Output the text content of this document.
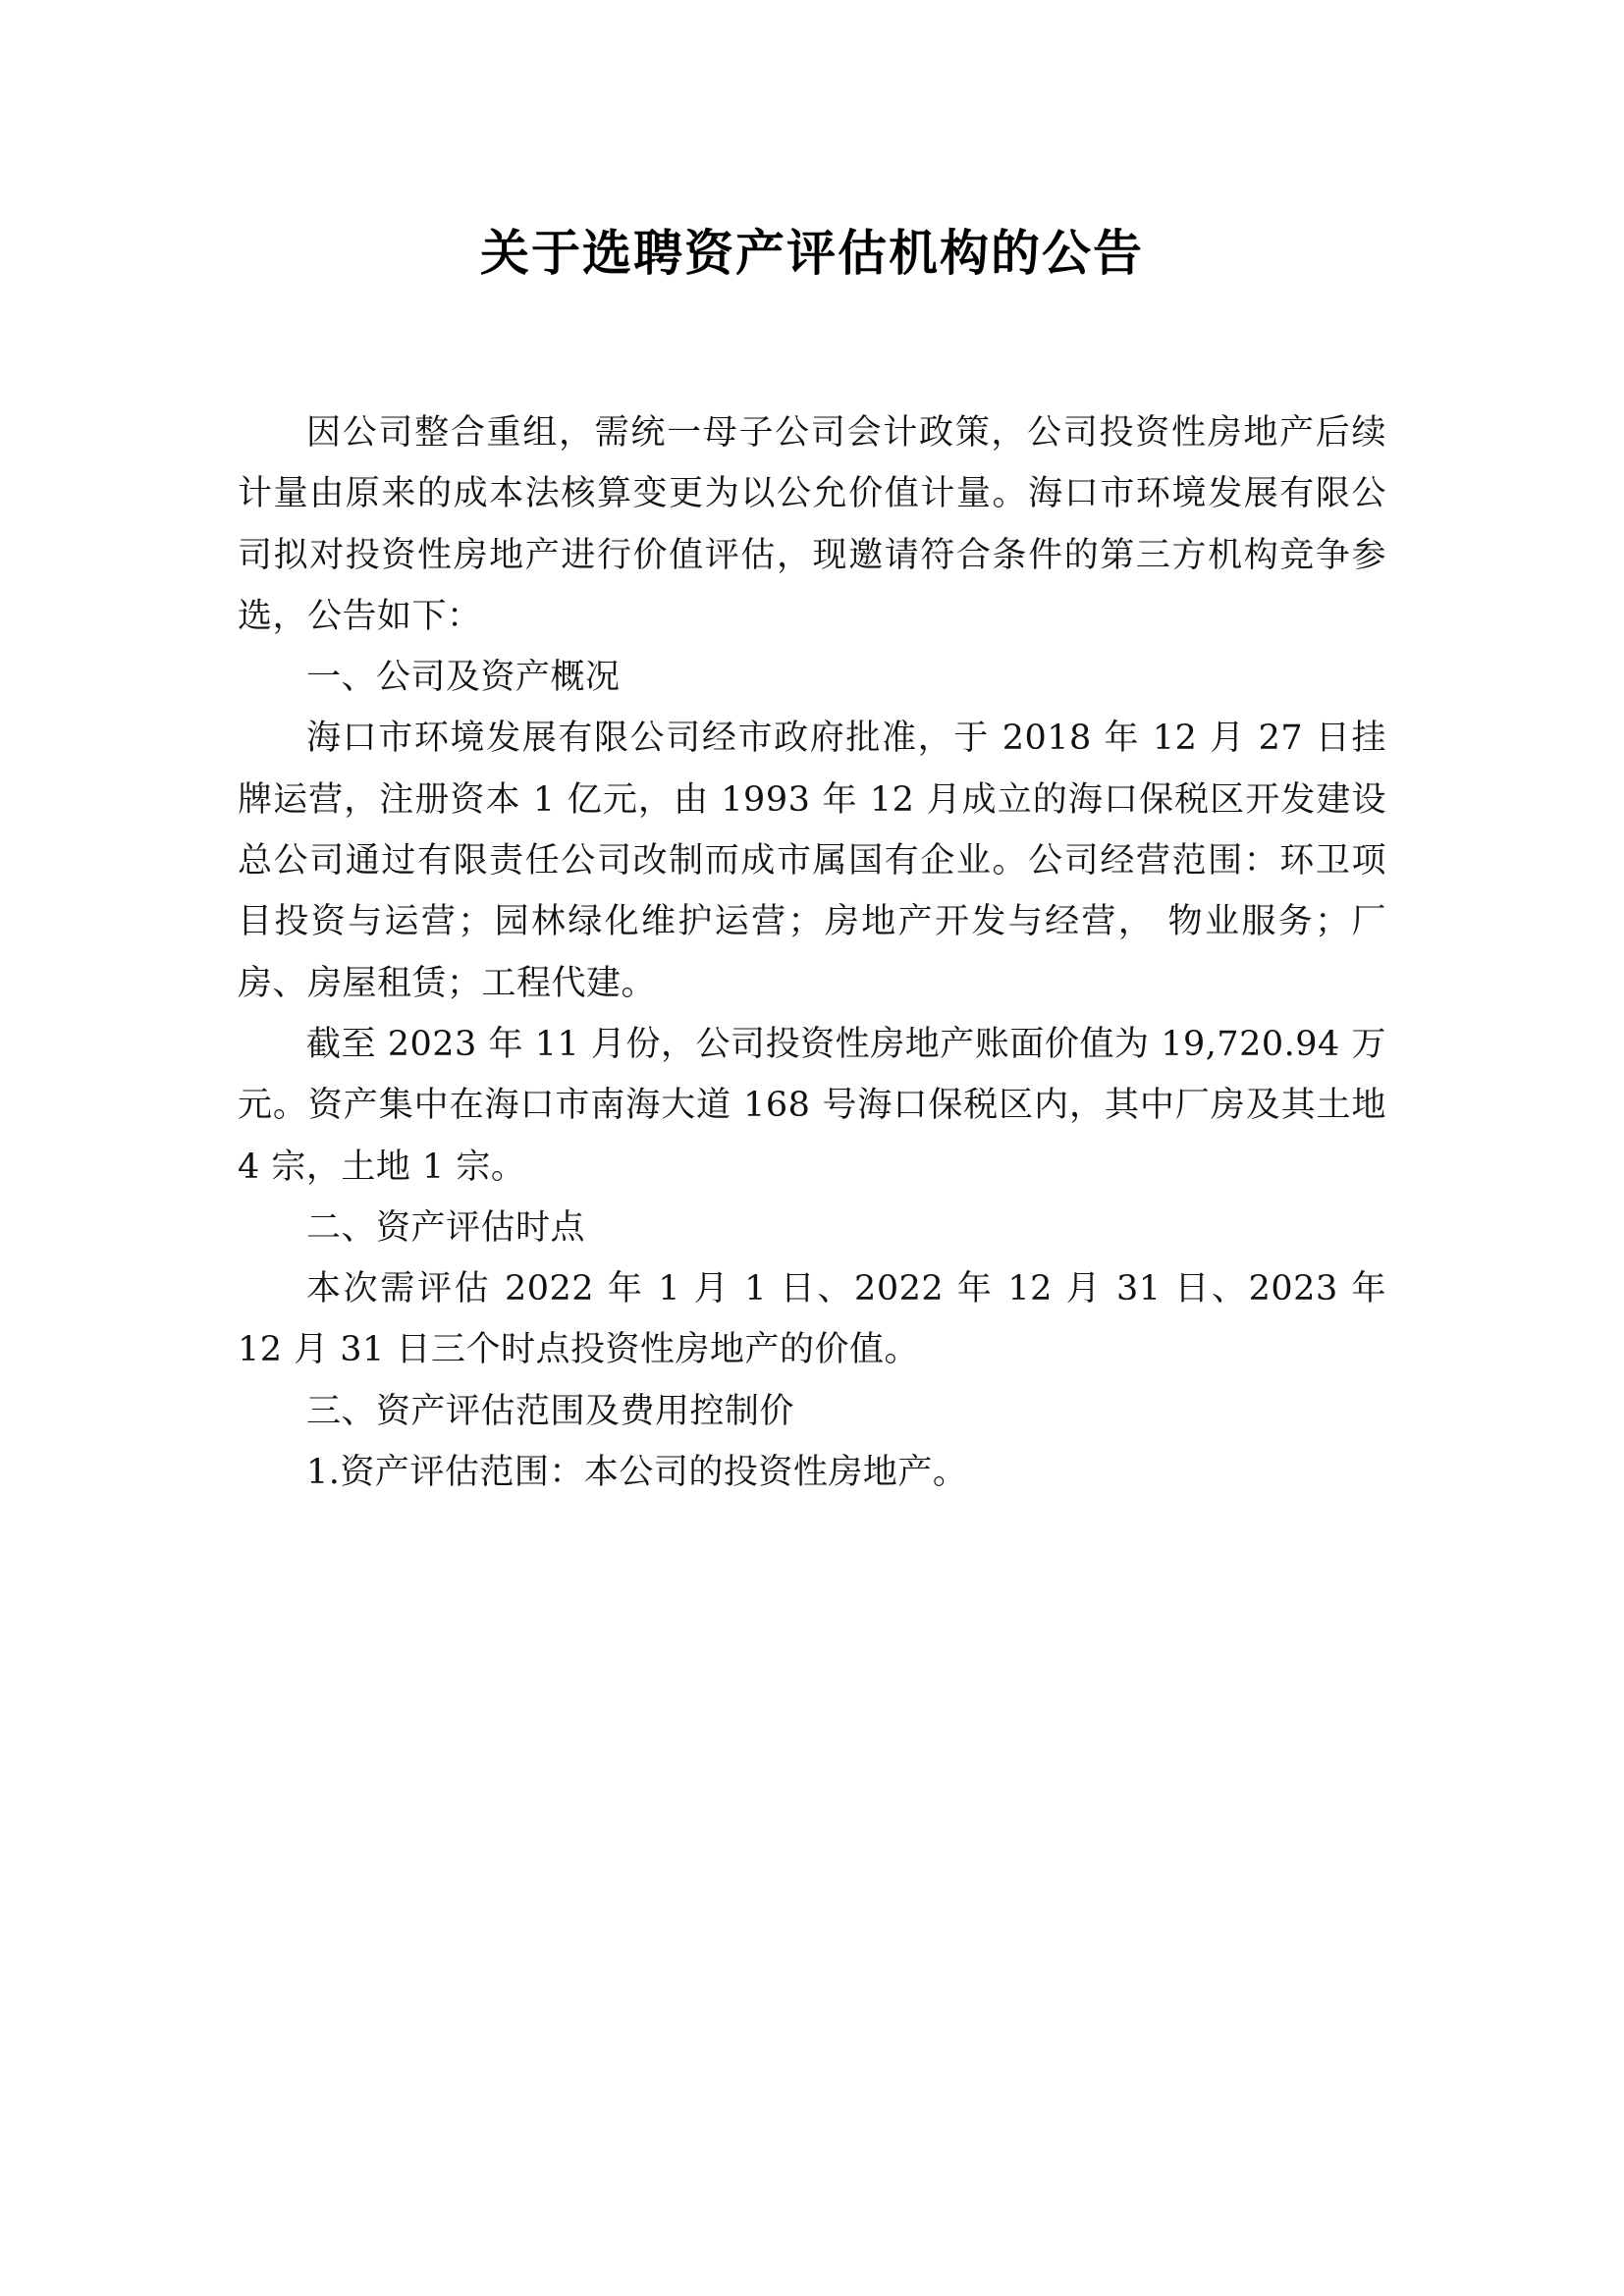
关于选聘资产评估机构的公告

因公司整合重组，需统一母子公司会计政策，公司投资性房地产后续计量由原来的成本法核算变更为以公允价值计量。海口市环境发展有限公司拟对投资性房地产进行价值评估，现邀请符合条件的第三方机构竞争参选，公告如下：

一、公司及资产概况

海口市环境发展有限公司经市政府批准，于 2018 年 12 月 27 日挂牌运营，注册资本 1 亿元，由 1993 年 12 月成立的海口保税区开发建设总公司通过有限责任公司改制而成市属国有企业。公司经营范围：环卫项目投资与运营；园林绿化维护运营；房地产开发与经营， 物业服务；厂房、房屋租赁；工程代建。

截至 2023 年 11 月份，公司投资性房地产账面价值为 19,720.94 万元。资产集中在海口市南海大道 168 号海口保税区内，其中厂房及其土地 4 宗，土地 1 宗。

二、资产评估时点

本次需评估 2022 年 1 月 1 日、2022 年 12 月 31 日、2023 年 12 月 31 日三个时点投资性房地产的价值。

三、资产评估范围及费用控制价

1.资产评估范围：本公司的投资性房地产。
